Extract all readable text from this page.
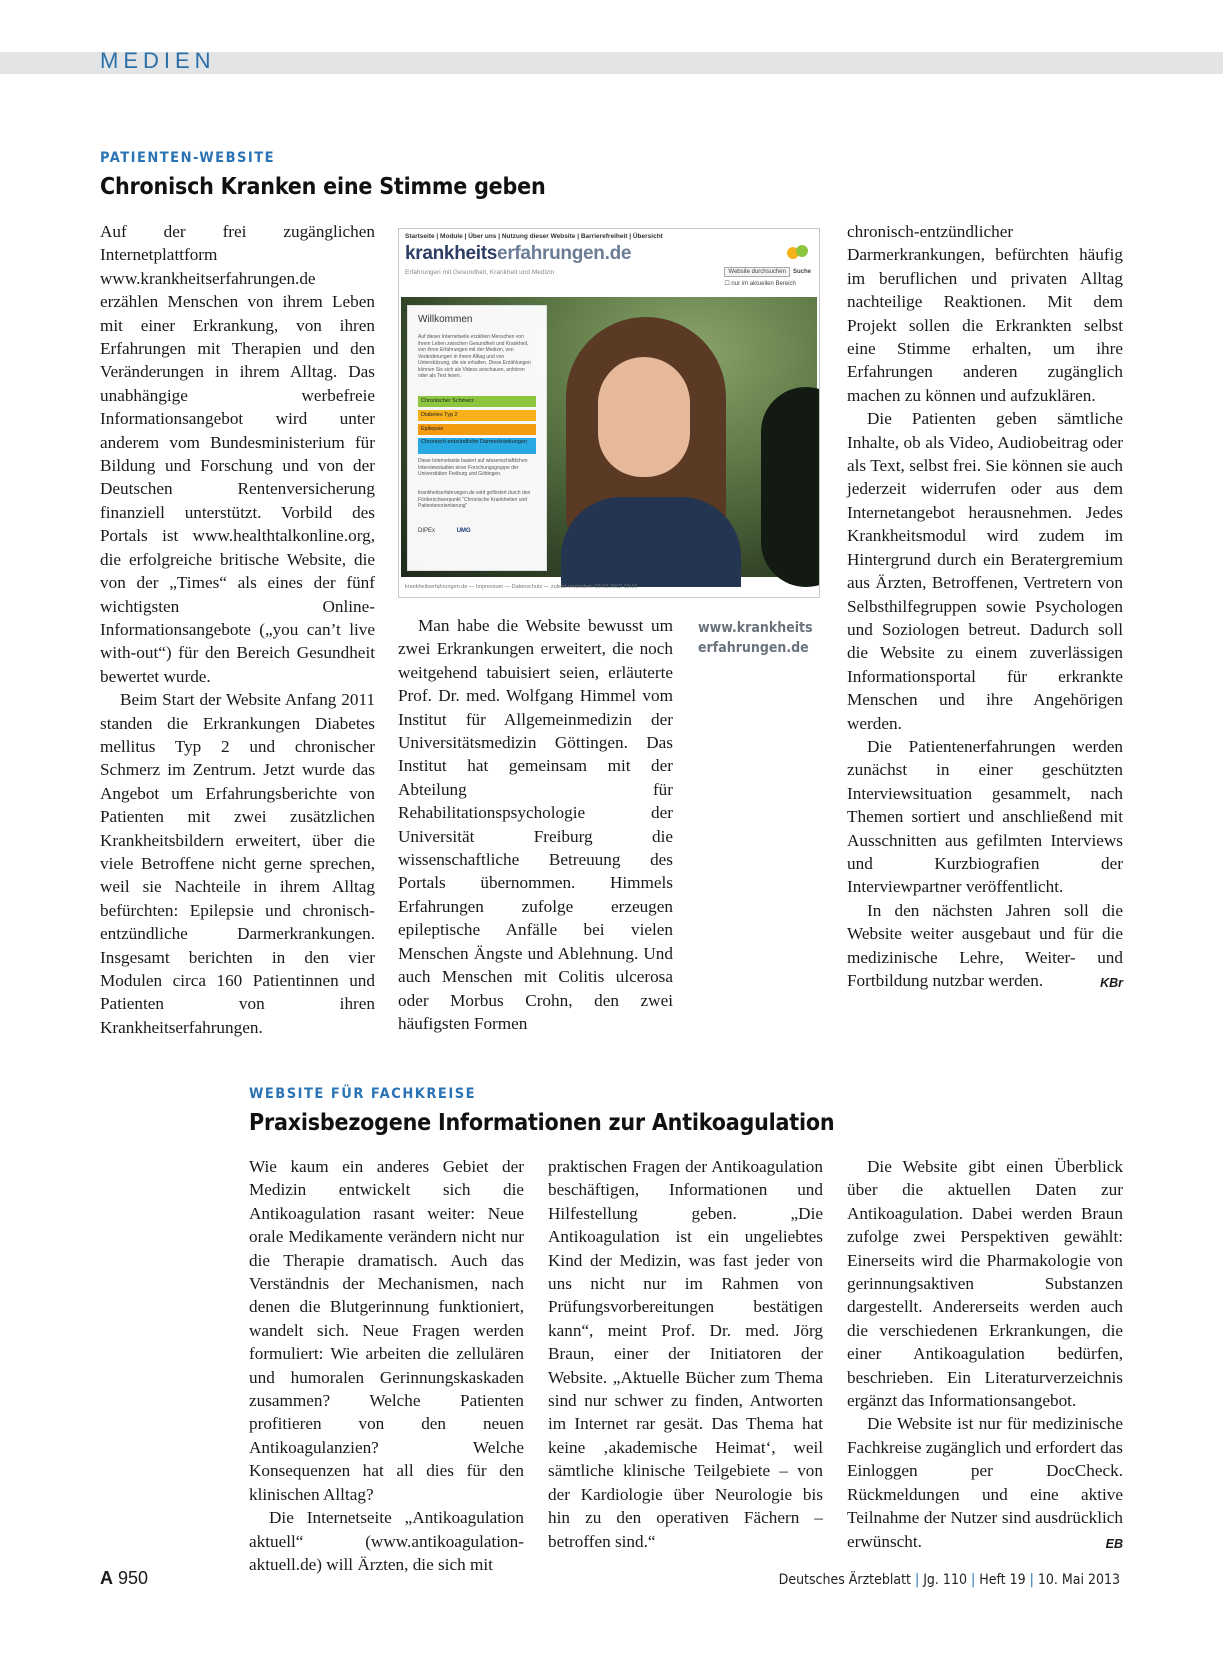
MEDIEN
PATIENTEN-WEBSITE
Chronisch Kranken eine Stimme geben

Auf der frei zugänglichen Internetplattform www.krankheitserfahrungen.de erzählen Menschen von ihrem Leben mit einer Erkrankung, von ihren Erfahrungen mit Therapien und den Veränderungen in ihrem Alltag. Das unabhängige werbefreie Informationsangebot wird unter anderem vom Bundesministerium für Bildung und Forschung und von der Deutschen Rentenversicherung finanziell unterstützt. Vorbild des Portals ist www.healthtalkonline.org, die erfolgreiche britische Website, die von der „Times“ als eines der fünf wichtigsten Online-Informationsangebote („you can’t live with-out“) für den Bereich Gesundheit bewertet wurde.

Beim Start der Website Anfang 2011 standen die Erkrankungen Diabetes mellitus Typ 2 und chronischer Schmerz im Zentrum. Jetzt wurde das Angebot um Erfahrungsberichte von Patienten mit zwei zusätzlichen Krankheitsbildern erweitert, über die viele Betroffene nicht gerne sprechen, weil sie Nachteile in ihrem Alltag befürchten: Epilepsie und chronisch-entzündliche Darmerkrankungen. Insgesamt berichten in den vier Modulen circa 160 Patientinnen und Patienten von ihren Krankheitserfahrungen.

Startseite | Module | Über uns | Nutzung dieser Website | Barrierefreiheit | Übersicht
krankheitserfahrungen.de
Erfahrungen mit Gesundheit, Krankheit und Medizin	Website durchsuchen Suche
☐ nur im aktuellen Bereich
Willkommen
Auf dieser Internetseite erzählen Menschen von ihrem Leben zwischen Gesundheit und Krankheit, von ihren Erfahrungen mit der Medizin, von Veränderungen in ihrem Alltag und von Unterstützung, die sie erhalten. Diese Erzählungen können Sie sich als Videos anschauen, anhören oder als Text lesen.
Chronischer Schmerz
Diabetes Typ 2
Epilepsie
Chronisch-entzündliche Darmerkrankungen
Diese Internetseite basiert auf wissenschaftlichen Interviewstudien einer Forschungsgruppe der Universitäten Freiburg und Göttingen.
krankheitserfahrungen.de wird gefördert durch den Förderschwerpunkt "Chronische Krankheiten und Patientenorientierung"
DIPEx	UMG
krankheitserfahrungen.de — Impressum — Datenschutz — zuletzt verändert: 02.03.2012 13:10

Man habe die Website bewusst um zwei Erkrankungen erweitert, die noch weitgehend tabuisiert seien, erläuterte Prof. Dr. med. Wolfgang Himmel vom Institut für Allgemeinmedizin der Universitätsmedizin Göttingen. Das Institut hat gemeinsam mit der Abteilung für Rehabilitationspsychologie der Universität Freiburg die wissenschaftliche Betreuung des Portals übernommen. Himmels Erfahrungen zufolge erzeugen epileptische Anfälle bei vielen Menschen Ängste und Ablehnung. Und auch Menschen mit Colitis ulcerosa oder Morbus Crohn, den zwei häufigsten Formen

www.krankheits
erfahrungen.de

chronisch-entzündlicher Darmerkrankungen, befürchten häufig im beruflichen und privaten Alltag nachteilige Reaktionen. Mit dem Projekt sollen die Erkrankten selbst eine Stimme erhalten, um ihre Erfahrungen anderen zugänglich machen zu können und aufzuklären.

Die Patienten geben sämtliche Inhalte, ob als Video, Audiobeitrag oder als Text, selbst frei. Sie können sie auch jederzeit widerrufen oder aus dem Internetangebot herausnehmen. Jedes Krankheitsmodul wird zudem im Hintergrund durch ein Beratergremium aus Ärzten, Betroffenen, Vertretern von Selbsthilfegruppen sowie Psychologen und Soziologen betreut. Dadurch soll die Website zu einem zuverlässigen Informationsportal für erkrankte Menschen und ihre Angehörigen werden.

Die Patientenerfahrungen werden zunächst in einer geschützten Interviewsituation gesammelt, nach Themen sortiert und anschließend mit Ausschnitten aus gefilmten Interviews und Kurzbiografien der Interviewpartner veröffentlicht.

In den nächsten Jahren soll die Website weiter ausgebaut und für die medizinische Lehre, Weiter- und Fortbildung nutzbar werden.	KBr

WEBSITE FÜR FACHKREISE
Praxisbezogene Informationen zur Antikoagulation

Wie kaum ein anderes Gebiet der Medizin entwickelt sich die Antikoagulation rasant weiter: Neue orale Medikamente verändern nicht nur die Therapie dramatisch. Auch das Verständnis der Mechanismen, nach denen die Blutgerinnung funktioniert, wandelt sich. Neue Fragen werden formuliert: Wie arbeiten die zellulären und humoralen Gerinnungskaskaden zusammen? Welche Patienten profitieren von den neuen Antikoagulanzien? Welche Konsequenzen hat all dies für den klinischen Alltag?

Die Internetseite „Antikoagulation aktuell“ (www.antikoagulation-aktuell.de) will Ärzten, die sich mit

praktischen Fragen der Antikoagulation beschäftigen, Informationen und Hilfestellung geben. „Die Antikoagulation ist ein ungeliebtes Kind der Medizin, was fast jeder von uns nicht nur im Rahmen von Prüfungsvorbereitungen bestätigen kann“, meint Prof. Dr. med. Jörg Braun, einer der Initiatoren der Website. „Aktuelle Bücher zum Thema sind nur schwer zu finden, Antworten im Internet rar gesät. Das Thema hat keine ‚akademische Heimat‘, weil sämtliche klinische Teilgebiete – von der Kardiologie über Neurologie bis hin zu den operativen Fächern – betroffen sind.“

Die Website gibt einen Überblick über die aktuellen Daten zur Antikoagulation. Dabei werden Braun zufolge zwei Perspektiven gewählt: Einerseits wird die Pharmakologie von gerinnungsaktiven Substanzen dargestellt. Andererseits werden auch die verschiedenen Erkrankungen, die einer Antikoagulation bedürfen, beschrieben. Ein Literaturverzeichnis ergänzt das Informationsangebot.

Die Website ist nur für medizinische Fachkreise zugänglich und erfordert das Einloggen per DocCheck. Rückmeldungen und eine aktive Teilnahme der Nutzer sind ausdrücklich erwünscht.	EB

A 950	Deutsches Ärzteblatt | Jg. 110 | Heft 19 | 10. Mai 2013
